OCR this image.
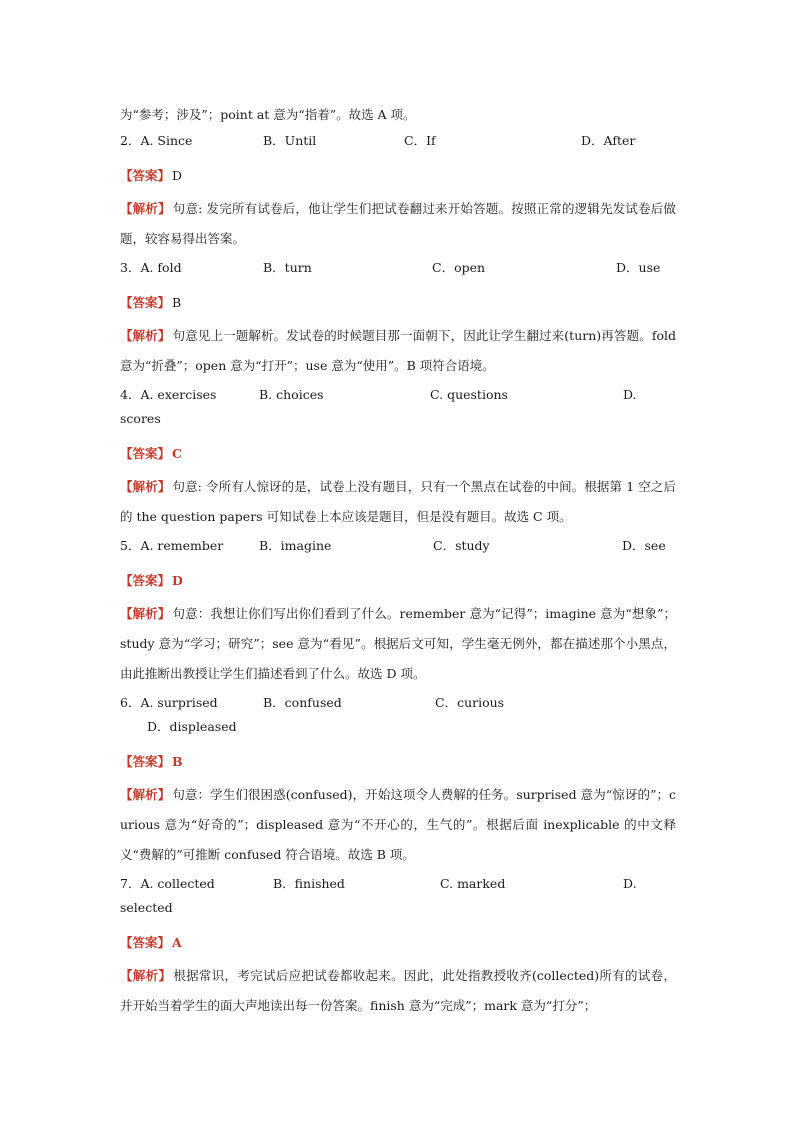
为“参考；涉及”；point at 意为“指着”。故选 A 项。
2．A. Since	B．Until	C．If	D．After
【答案】 D
【解析】 句意: 发完所有试卷后，他让学生们把试卷翻过来开始答题。按照正常的逻辑先发试卷后做题，较容易得出答案。
3．A. fold	B．turn	C．open	D．use
【答案】 B
【解析】 句意见上一题解析。发试卷的时候题目那一面朝下，因此让学生翻过来(turn)再答题。fold 意为“折叠”；open 意为“打开”；use 意为“使用”。B 项符合语境。
4．A. exercises	B. choices	C. questions	D.
scores
【答案】 C
【解析】 句意: 令所有人惊讶的是，试卷上没有题目，只有一个黑点在试卷的中间。根据第 1 空之后的 the question papers 可知试卷上本应该是题目，但是没有题目。故选 C 项。
5．A. remember	B．imagine	C．study	D．see
【答案】 D
【解析】 句意：我想让你们写出你们看到了什么。remember 意为“记得”；imagine 意为“想象”；study 意为“学习；研究”；see 意为“看见”。根据后文可知，学生毫无例外，都在描述那个小黑点，由此推断出教授让学生们描述看到了什么。故选 D 项。
6．A. surprised	B．confused	C．curious
D．displeased
【答案】 B
【解析】 句意：学生们很困惑(confused)，开始这项令人费解的任务。surprised 意为“惊讶的”；curious 意为“好奇的”；displeased 意为“不开心的，生气的”。根据后面 inexplicable 的中文释义“费解的”可推断 confused 符合语境。故选 B 项。
7．A. collected	B．finished	C. marked	D.
selected
【答案】 A
【解析】 根据常识，考完试后应把试卷都收起来。因此，此处指教授收齐(collected)所有的试卷，并开始当着学生的面大声地读出每一份答案。finish 意为“完成”；mark 意为“打分”；
